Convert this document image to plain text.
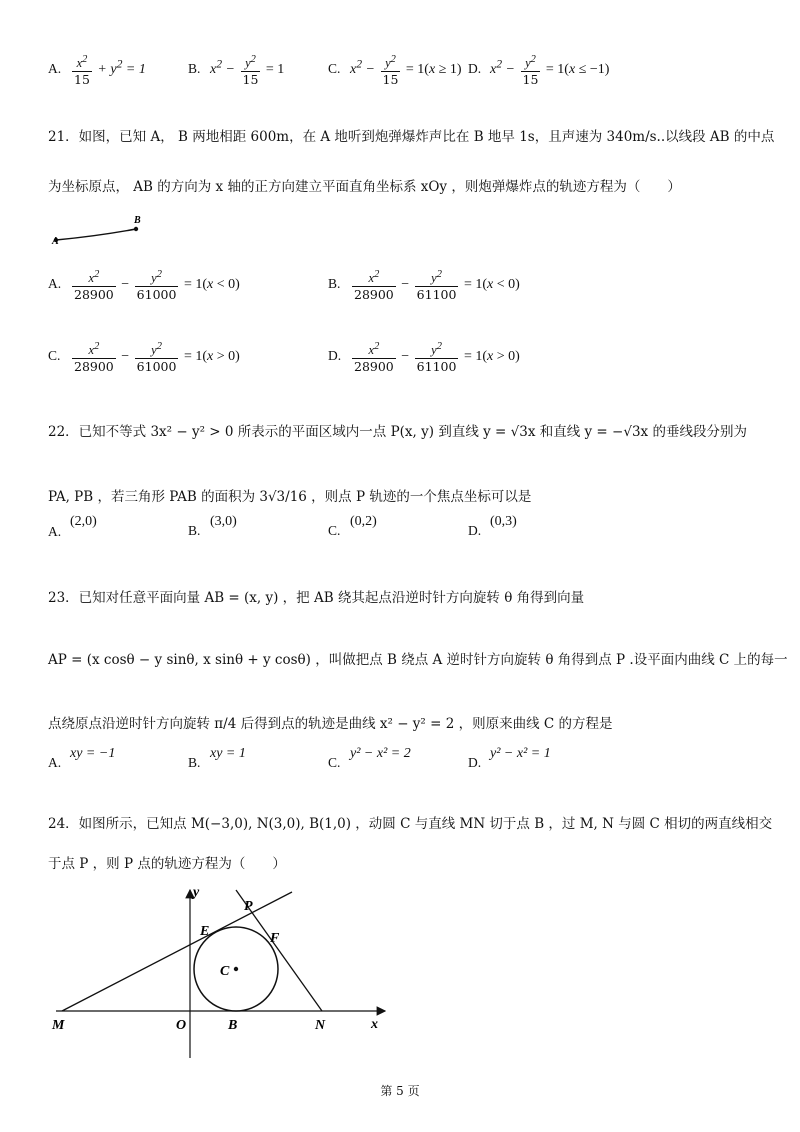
A. $\frac{x^2}{15} + y^2 = 1$	B. $x^2 - \frac{y^2}{15} = 1$	C. $x^2 - \frac{y^2}{15} = 1(x \ge 1)$ D. $x^2 - \frac{y^2}{15} = 1(x \le -1)$
21．如图，已知 A， B 两地相距 600m，在 A 地听到炮弹爆炸声比在 B 地早 1s，且声速为 340m/s..以线段 AB 的中点
为坐标原点， AB 的方向为 x 轴的正方向建立平面直角坐标系 xOy ，则炮弹爆炸点的轨迹方程为（　　）
A
B
A. $\frac{x^2}{28900} - \frac{y^2}{61000} = 1(x < 0)$	B. $\frac{x^2}{28900} - \frac{y^2}{61100} = 1(x < 0)$
C. $\frac{x^2}{28900} - \frac{y^2}{61000} = 1(x > 0)$	D. $\frac{x^2}{28900} - \frac{y^2}{61100} = 1(x > 0)$
22．已知不等式 3x² − y² > 0 所表示的平面区域内一点 P(x, y) 到直线 y = √3x 和直线 y = −√3x 的垂线段分别为
PA, PB ，若三角形 PAB 的面积为 3√3/16 ，则点 P 轨迹的一个焦点坐标可以是
A.(2,0)
B.(3,0)
C.(0,2)
D.(0,3)
23．已知对任意平面向量 AB = (x, y) ，把 AB 绕其起点沿逆时针方向旋转 θ 角得到向量
AP = (x cosθ − y sinθ, x sinθ + y cosθ) ，叫做把点 B 绕点 A 逆时针方向旋转 θ 角得到点 P .设平面内曲线 C 上的每一
点绕原点沿逆时针方向旋转 π/4 后得到点的轨迹是曲线 x² − y² = 2 ，则原来曲线 C 的方程是
A.xy = −1
B.xy = 1
C.y² − x² = 2
D.y² − x² = 1
24．如图所示，已知点 M(−3,0), N(3,0), B(1,0) ，动圆 C 与直线 MN 切于点 B ，过 M, N 与圆 C 相切的两直线相交
于点 P ，则 P 点的轨迹方程为（　　）
y
x
P
E	F
C
M	O	B	N
第 5 页
